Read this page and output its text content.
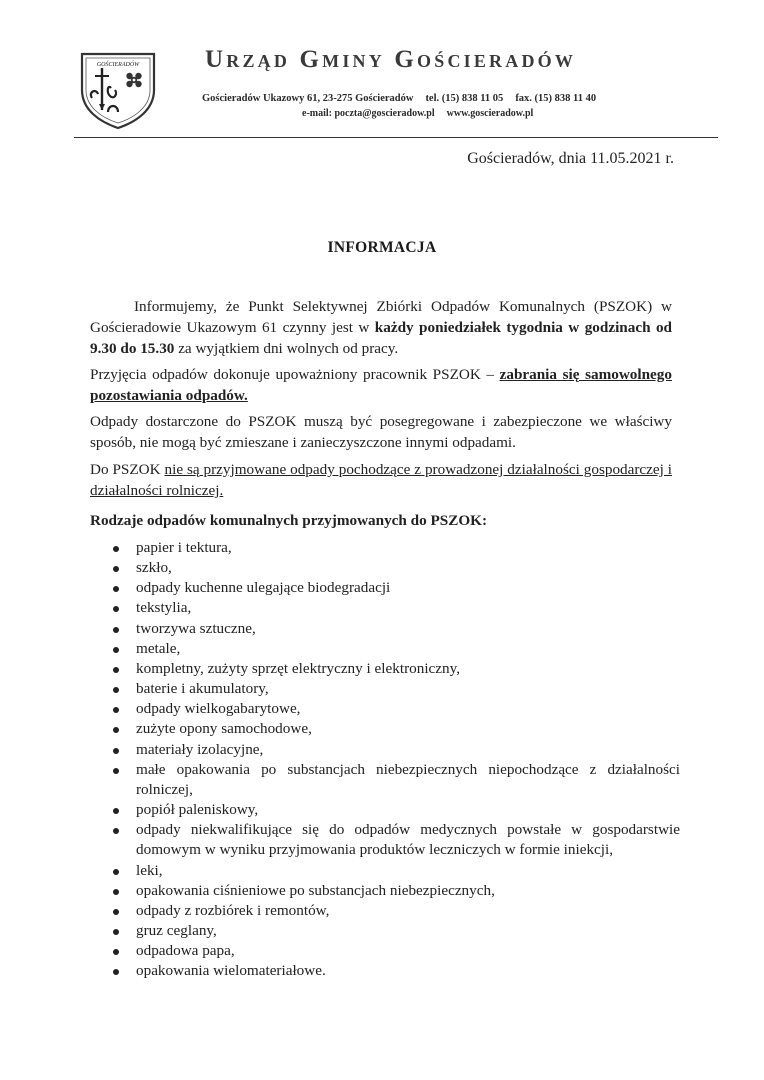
GOŚCIERADÓW	Urząd Gminy Gościeradów
Gościeradów Ukazowy 61, 23-275 Gościeradów tel. (15) 838 11 05 fax. (15) 838 11 40
e-mail: poczta@goscieradow.pl www.goscieradow.pl
Gościeradów, dnia 11.05.2021 r.
INFORMACJA
Informujemy, że Punkt Selektywnej Zbiórki Odpadów Komunalnych (PSZOK) w Gościeradowie Ukazowym 61 czynny jest w każdy poniedziałek tygodnia w godzinach od 9.30 do 15.30 za wyjątkiem dni wolnych od pracy.
Przyjęcia odpadów dokonuje upoważniony pracownik PSZOK – zabrania się samowolnego pozostawiania odpadów.
Odpady dostarczone do PSZOK muszą być posegregowane i zabezpieczone we właściwy sposób, nie mogą być zmieszane i zanieczyszczone innymi odpadami.
Do PSZOK nie są przyjmowane odpady pochodzące z prowadzonej działalności gospodarczej i działalności rolniczej.
Rodzaje odpadów komunalnych przyjmowanych do PSZOK:
papier i tektura,
szkło,
odpady kuchenne ulegające biodegradacji
tekstylia,
tworzywa sztuczne,
metale,
kompletny, zużyty sprzęt elektryczny i elektroniczny,
baterie i akumulatory,
odpady wielkogabarytowe,
zużyte opony samochodowe,
materiały izolacyjne,
małe opakowania po substancjach niebezpiecznych niepochodzące z działalności rolniczej,
popiół paleniskowy,
odpady niekwalifikujące się do odpadów medycznych powstałe w gospodarstwie domowym w wyniku przyjmowania produktów leczniczych w formie iniekcji,
leki,
opakowania ciśnieniowe po substancjach niebezpiecznych,
odpady z rozbiórek i remontów,
gruz ceglany,
odpadowa papa,
opakowania wielomateriałowe.
